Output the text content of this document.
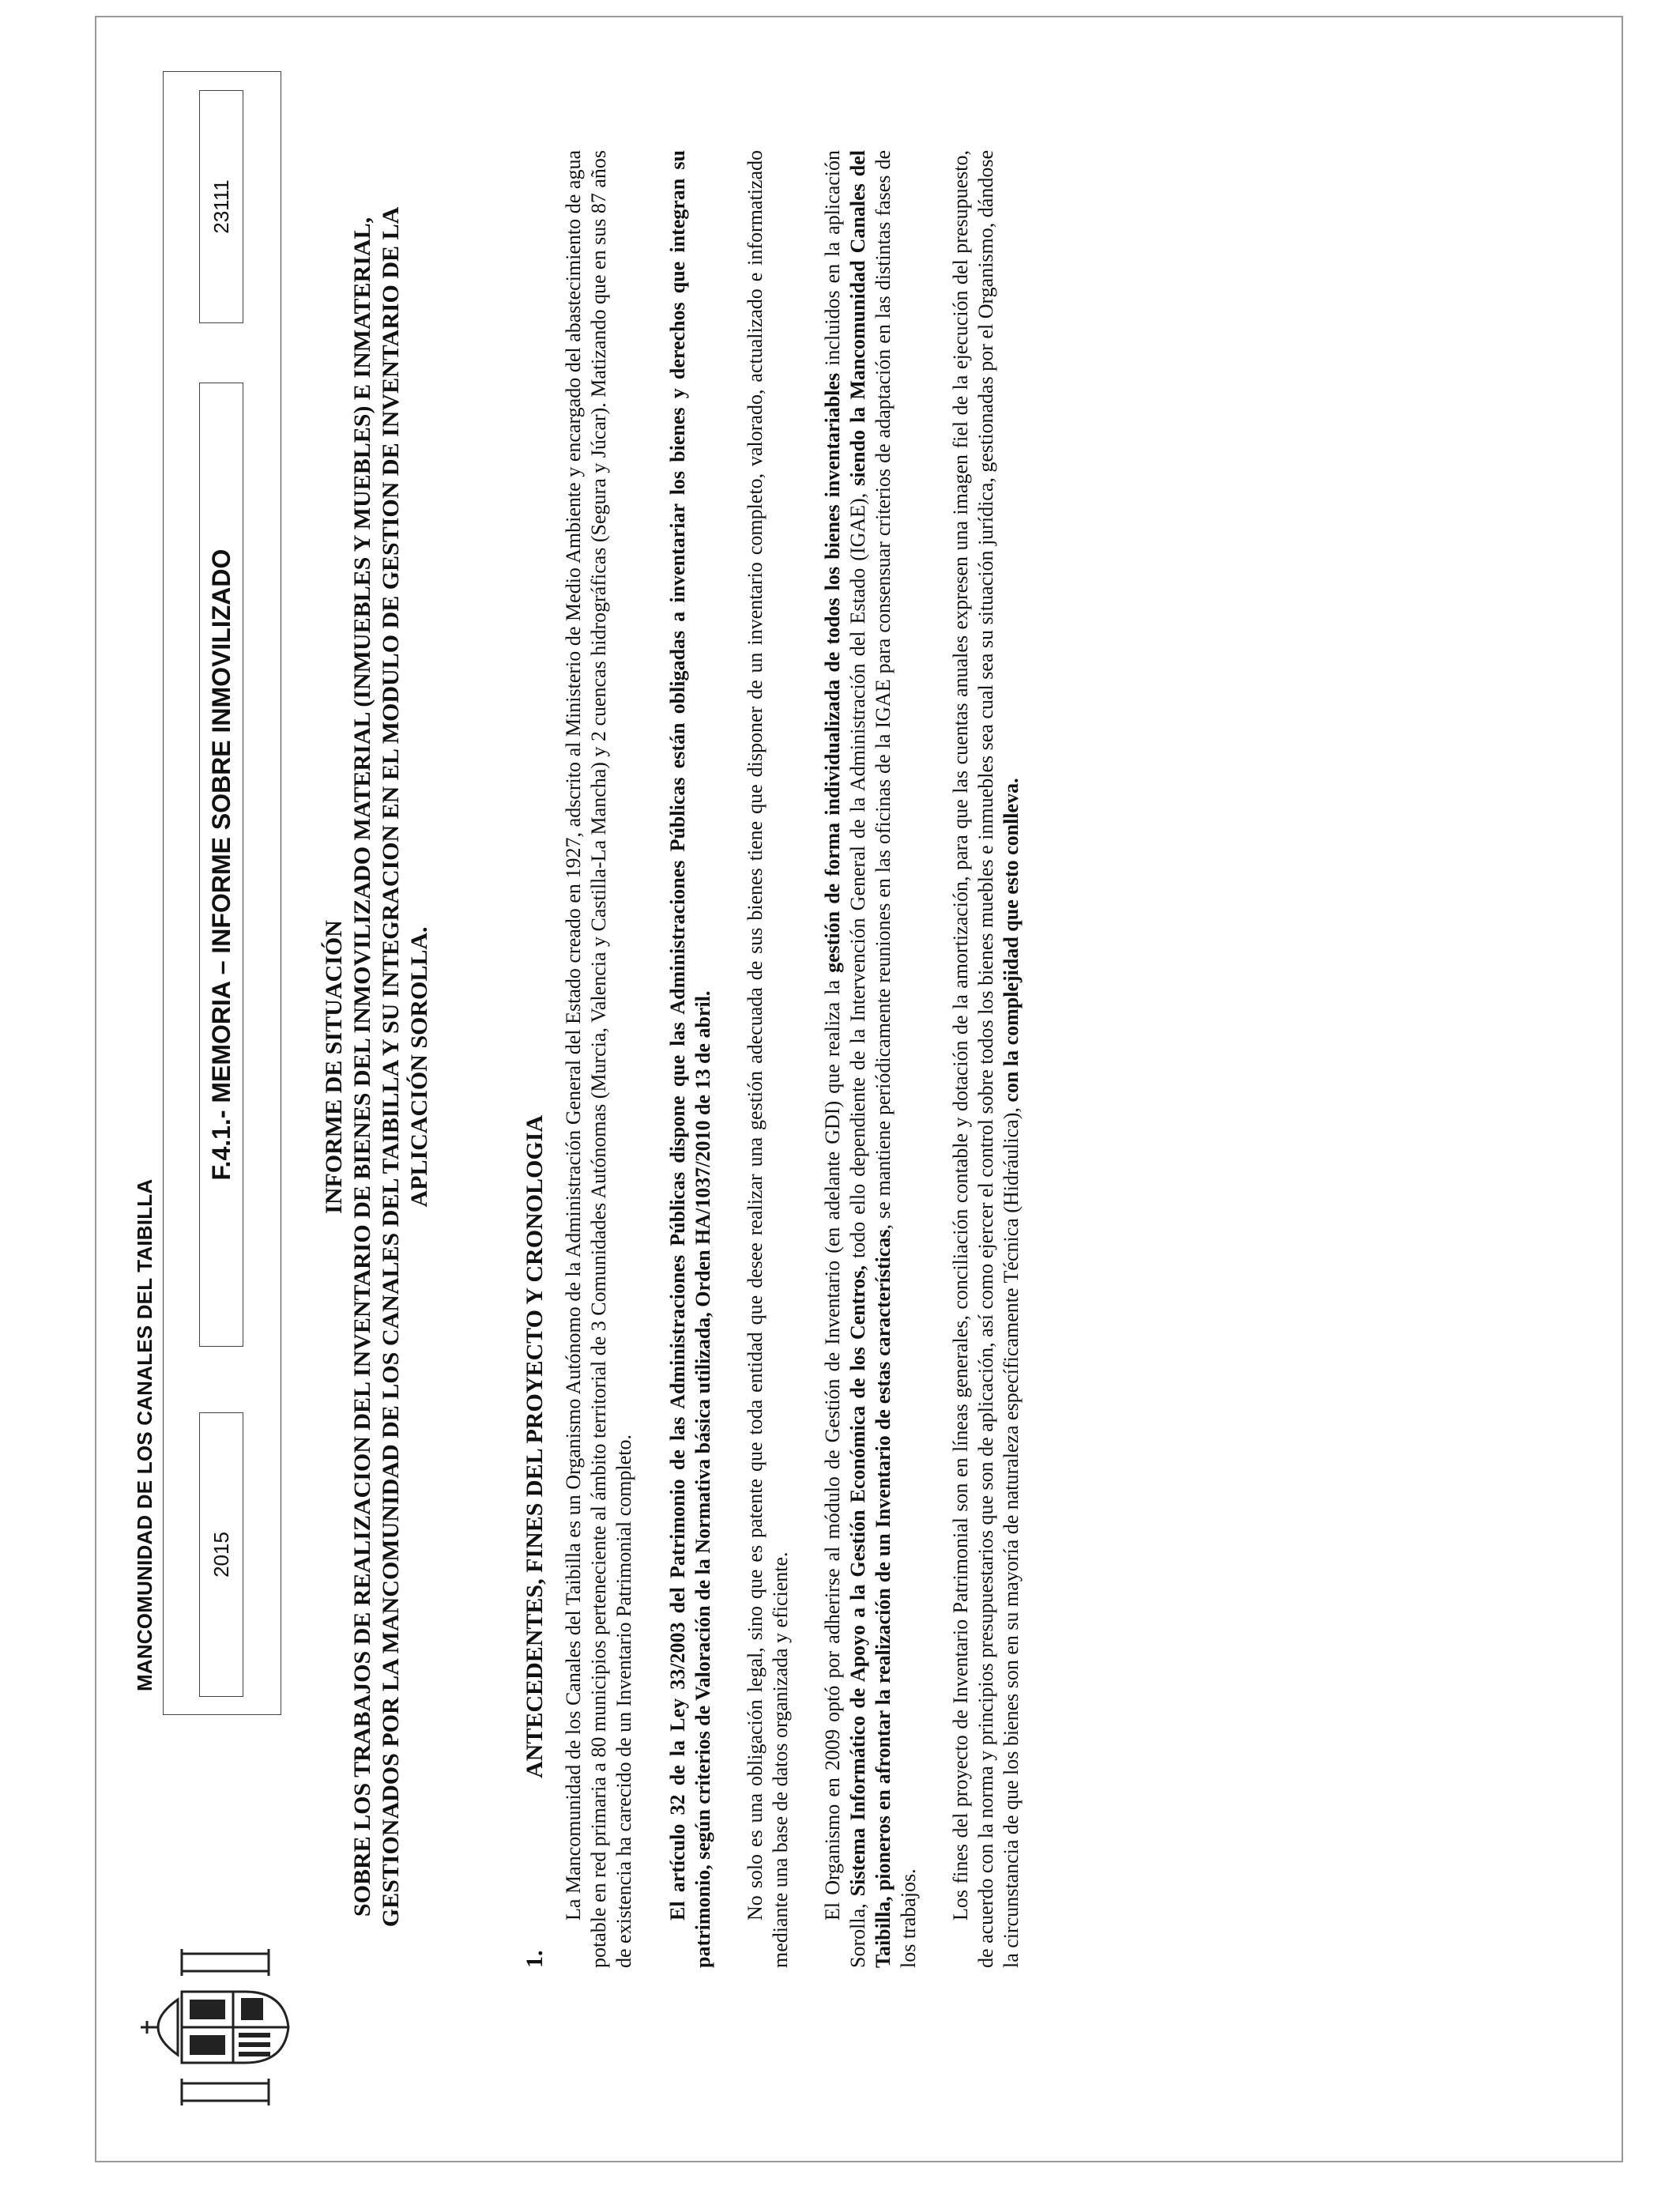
MANCOMUNIDAD DE LOS CANALES DEL TAIBILLA	2015
F.4.1.- MEMORIA – INFORME SOBRE INMOVILIZADO
23111
INFORME DE SITUACIÓN SOBRE LOS TRABAJOS DE REALIZACION DEL INVENTARIO DE BIENES DEL INMOVILIZADO MATERIAL (INMUEBLES Y MUEBLES) E INMATERIAL, GESTIONADOS POR LA MANCOMUNIDAD DE LOS CANALES DEL TAIBILLA Y SU INTEGRACION EN EL MODULO DE GESTION DE INVENTARIO DE LA APLICACIÓN SOROLLA.
1.ANTECEDENTES, FINES DEL PROYECTO Y CRONOLOGIA La Mancomunidad de los Canales del Taibilla es un Organismo Autónomo de la Administración General del Estado creado en 1927, adscrito al Ministerio de Medio Ambiente y encargado del abastecimiento de agua potable en red primaria a 80 municipios perteneciente al ámbito territorial de 3 Comunidades Autónomas (Murcia, Valencia y Castilla-La Mancha) y 2 cuencas hidrográficas (Segura y Júcar). Matizando que en sus 87 años de existencia ha carecido de un Inventario Patrimonial completo. El artículo 32 de la Ley 33/2003 del Patrimonio de las Administraciones Públicas dispone que las Administraciones Públicas están obligadas a inventariar los bienes y derechos que integran su patrimonio, según criterios de Valoración de la Normativa básica utilizada, Orden HA/1037/2010 de 13 de abril. No solo es una obligación legal, sino que es patente que toda entidad que desee realizar una gestión adecuada de sus bienes tiene que disponer de un inventario completo, valorado, actualizado e informatizado mediante una base de datos organizada y eficiente. El Organismo en 2009 optó por adherirse al módulo de Gestión de Inventario (en adelante GDI) que realiza la gestión de forma individualizada de todos los bienes inventariables incluidos en la aplicación Sorolla, Sistema Informático de Apoyo a la Gestión Económica de los Centros, todo ello dependiente de la Intervención General de la Administración del Estado (IGAE), siendo la Mancomunidad Canales del Taibilla, pioneros en afrontar la realización de un Inventario de estas características, se mantiene periódicamente reuniones en las oficinas de la IGAE para consensuar criterios de adaptación en las distintas fases de los trabajos. Los fines del proyecto de Inventario Patrimonial son en líneas generales, conciliación contable y dotación de la amortización, para que las cuentas anuales expresen una imagen fiel de la ejecución del presupuesto, de acuerdo con la norma y principios presupuestarios que son de aplicación, así como ejercer el control sobre todos los bienes muebles e inmuebles sea cual sea su situación jurídica, gestionadas por el Organismo, dándose la circunstancia de que los bienes son en su mayoría de naturaleza específicamente Técnica (Hidráulica), con la complejidad que esto conlleva.
